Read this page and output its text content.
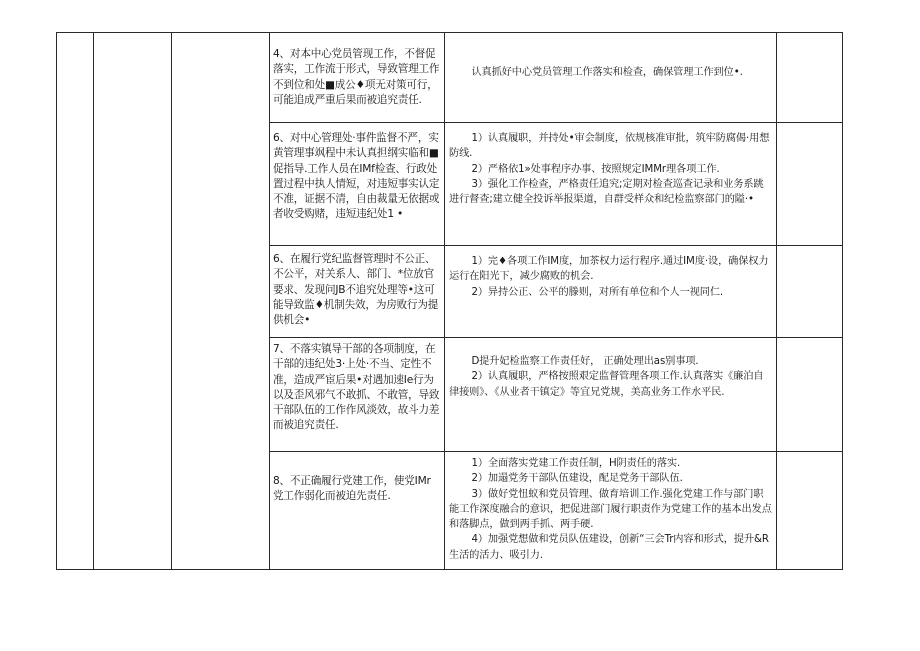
			4、对本中心党员管现工作，不督促落实，工作流于形式，导致管理工作不到位和处■成公♦项无对策可行，可能追成严重后果而被追究责任.	认真抓好中心党员管理工作落实和检查，确保管理工作到位•.	

			6、对中心管理处·事件监督不严，实黄管理事飒程中未认真担纲实临和■促指导.工作人员在IMf检查、行政处置过程中执人情短，对违短事实认定不准，证据不清，自由裁量无依据或者收受购赌，违短违纪处1 •	1）认真履职，并持处•审会制度，依规核准审批，筑牢防腐偈·用想防线.

2）严格依1»处事程序办事、按照规定IMMr理各项工作.

3）强化工作检查，严格责任追究;定期对检查巡查记录和业务系跳进行督查;建立健全投诉举报渠道，自群受样众和纪检监察部门的隘·•	

			6、在履行党纪监督管理时不公正、不公平，对关系人、部门、*位放官要求、发现问JB不追究处理等•这可能导致监♦机制失效，为房败行为提供机会•	1）完♦各项工作IM度，加茶权力运行程序.通过IM度·设，确保权力运行在阳光下，减少腐败的机会.

2）异持公正、公平的滕则，对所有单位和个人一视同仁.	

			7、不落实镇导干部的各项制度，在干部的违纪处3·上处·不当、定性不准，造成严宦后果•对遇加速Ie行为以及歪风邪气不敢抓、不敢管，导致干部队伍的工作作风淡效，故斗力差而被追究责任.	D提升妃检监察工作责任好， 正确处理出as别事项.

2）认真履职，严格按照艰定监督管理各项工作.认真落实《廉泊自律接则》、《从业者干镇定》等宜兄党规，美高业务工作水平民.	

			8、不正确履行党建工作，使党IMr党工作弱化而被迫先责任.	1）全面落实党建工作责任制，H阴责任的落实.

2）加遢党务干部队伍建设，配足党务干部队伍.

3）做好党忸蚁和党员管理、做育培训工作.强化党建工作与部门职能工作深度融合的意识，把促进部门履行职责作为党建工作的基本出发点和落脚点，做到两手抓、两手硬.

4）加强党想做和党员队伍建设，创新“三会Tr内容和形式，提升&R生活的活力、吸引力.	
